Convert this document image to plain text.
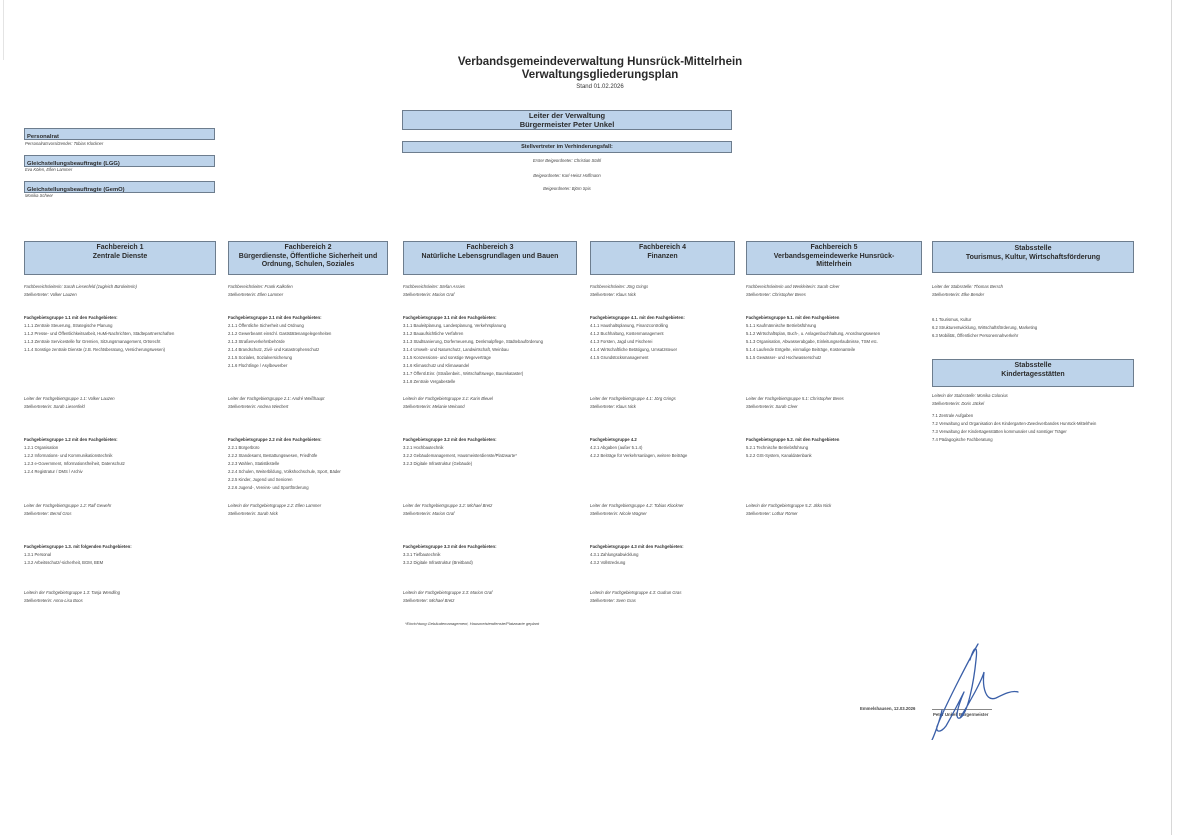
Verbandsgemeindeverwaltung Hunsrück-Mittelrhein
Verwaltungsgliederungsplan
Stand 01.02.2026
Leiter der Verwaltung
Bürgermeister Peter Unkel
Stellvertreter im Verhinderungsfall:
Erster Beigeordneter: Christian Stahl
Beigeordneter: Karl-Heinz Hoffmann
Beigeordneter: Björn Spis
Personalrat
Personalratsvorsitzender: Tobias Klockner
Gleichstellungsbeauftragte (LGG)
Eva Kölen, Ellen Lammer
Gleichstellungsbeauftragte (GemO)
Monika Scheer
Fachbereich 1
Zentrale Dienste
Fachbereichsleiterin: Sarah Liesenfeld (zugleich Büroleiterin)
Stellvertreter: Volker Lauzen
Fachgebietsgruppe 1.1 mit den Fachgebieten:
1.1.1 Zentrale Steuerung, Strategische Planung
1.1.2 Presse- und Öffentlichkeitsarbeit, HuMi-Nachrichten, Städtepartnerschaften
1.1.3 Zentrale Servicestelle für Gremien, Sitzungsmanagement, Ortsrecht
1.1.4 Sonstige zentrale Dienste (z.B. Rechtsberatung, Versicherungswesen)
Leiter der Fachgebietsgruppe 1.1: Volker Lauzen
Stellvertreterin: Sarah Liesenfeld
Fachgebietsgruppe 1.2 mit den Fachgebieten:
1.2.1 Organisation
1.2.2 Informations- und Kommunikationstechnik
1.2.3 e-Government, Informationsfreiheit, Datenschutz
1.2.4 Registratur / DMS / Archiv
Leiter der Fachgebietsgruppe 1.2: Ralf Gewehr
Stellvertreter: Bernd Gros
Fachgebietsgruppe 1.3. mit folgenden Fachgebieten:
1.3.1 Personal
1.3.2 Arbeitsschutz/-sicherheit, BGM, BEM
Leiterin der Fachgebietsgruppe 1.3: Tanja Wendling
Stellvertreterin: Anna-Lisa Boos
Fachbereich 2
Bürgerdienste, Öffentliche Sicherheit und
Ordnung, Schulen, Soziales
Fachbereichsleiter: Frank Kalkofen
Stellvertreterin: Ellen Lammer
Fachgebietsgruppe 2.1 mit den Fachgebieten:
2.1.1 Öffentliche Sicherheit und Ordnung
2.1.2 Gewerbeamt einschl. Gaststättenangelegenheiten
2.1.3 Straßenverkehrsbehörde
2.1.4 Brandschutz, Zivil- und Katastrophenschutz
2.1.5 Soziales, Sozialversicherung
2.1.6 Flüchtlinge / Asylbewerber
Leiter der Fachgebietsgruppe 2.1: André Weißhaupt
Stellvertreterin: Andrea Wiechert
Fachgebietsgruppe 2.2 mit den Fachgebieten:
2.2.1 Bürgerbüro
2.2.2 Standesamt, Bestattungswesen, Friedhöfe
2.2.3 Wahlen, Statistikstelle
2.2.4 Schulen, Weiterbildung, Volkshochschule, Sport, Bäder
2.2.5 Kinder, Jugend und Senioren
2.2.6 Jugend-, Vereins- und Sportförderung
Leiterin der Fachgebietsgruppe 2.2: Ellen Lammer
Stellvertreterin: Sarah Nick
Fachbereich 3
Natürliche Lebensgrundlagen und Bauen
Fachbereichsleiter: Stefan Assies
Stellvertreterin: Marion Graf
Fachgebietsgruppe 3.1 mit den Fachgebieten:
3.1.1 Bauleitplanung, Landesplanung, Verkehrsplanung
3.1.2 Bauaufsichtliche Verfahren
3.1.3 Stadtsanierung, Dorferneuerung, Denkmalpflege, Städtebauförderung
3.1.4 Umwelt- und Naturschutz, Landwirtschaft, Weinbau
3.1.5 Konzessions- und sonstige Wegeverträge
3.1.6 Klimaschutz und Klimawandel
3.1.7 Öffentl.Einr. (Straßenbeit., Wirtschaftswege, Baumkataster)
3.1.8 Zentrale Vergabestelle
Leiterin der Fachgebietsgruppe 3.1: Karin Bleuel
Stellvertreterin: Melanie Weinand
Fachgebietsgruppe 3.2 mit den Fachgebieten:
3.2.1 Hochbautechnik
3.2.2 Gebäudemanagement, Hausmeisterdienste/Platzwarte*
3.2.3 Digitale Infrastruktur (Gebäude)
Leiter der Fachgebietsgruppe 3.2: Michael Bretz
Stellvertreterin: Marion Graf
Fachgebietsgruppe 3.3 mit den Fachgebieten:
3.3.1 Tiefbautechnik
3.3.2 Digitale Infrastruktur (Breitband)
Leiterin der Fachgebietsgruppe 3.3: Marion Graf
Stellvertreter: Michael Bretz
*Einrichtung Gebäudemanagement, Hausmeisterdienste/Platzwarte geplant
Fachbereich 4
Finanzen
Fachbereichsleiter: Jörg Grings
Stellvertreter: Klaus Nick
Fachgebietsgruppe 4.1. mit den Fachgebieten:
4.1.1 Haushaltsplanung, Finanzcontrolling
4.1.2 Buchhaltung, Kostenmanagement
4.1.3 Forsten, Jagd und Fischerei
4.1.4 Wirtschaftliche Betätigung, Umsatzsteuer
4.1.5 Grundstücksmanagement
Leiter der Fachgebietsgruppe 4.1: Jörg Grings
Stellvertreter: Klaus Nick
Fachgebietsgruppe 4.2
4.2.1 Abgaben (außer 5.1.4)
4.2.2 Beiträge für Verkehrsanlagen, weitere Beiträge
Leiter der Fachgebietsgruppe 4.2: Tobias Klockner
Stellvertreterin: Nicole Wagner
Fachgebietsgruppe 4.3 mit den Fachgebieten:
4.3.1 Zahlungsabwicklung
4.3.2 Vollstreckung
Leiterin der Fachgebietsgruppe 4.3: Gudrun Gras
Stellvertreter: Sven Gras
Fachbereich 5
Verbandsgemeindewerke Hunsrück-
Mittelrhein
Fachbereichsleiterin und Werkleiterin: Sarah Cleer
Stellvertreter: Christopher Beres
Fachgebietsgruppe 5.1. mit den Fachgebieten
5.1.1 Kaufmännische Betriebsführung
5.1.2 Wirtschaftsplan, Buch-, u. Anlagenbuchhaltung, Anordnungswesen
5.1.3 Organisation, Abwasserabgabe, Einleitungserlaubnisse, TSM etc.
5.1.4 Laufende Entgelte, einmalige Beiträge, Kostenanteile
5.1.5 Gewässer- und Hochwasserschutz
Leiter der Fachgebietsgruppe 5.1: Christopher Beres
Stellvertreterin: Sarah Cleer
Fachgebietsgruppe 5.2. mit den Fachgebieten
5.2.1 Technische Betriebsführung
5.2.2 GIS-System, Kanaldatenbank
Leiterin der Fachgebietsgruppe 5.2: Jitka Nick
Stellvertreter: Lothar Römer
Stabsstelle
Tourismus, Kultur, Wirtschaftsförderung
Leiter der Stabsstelle: Thomas Bersch
Stellvertreterin: Elke Bender
6.1 Tourismus, Kultur
6.2 Strukturentwicklung, Wirtschaftsförderung, Marketing
6.3 Mobilität, Öffentlicher Personennahverkehr
Stabsstelle
Kindertagesstätten
Leiterin der Stabsstelle: Monika Colonius
Stellvertreterin: Doris Jäckel
7.1 Zentrale Aufgaben
7.2 Verwaltung und Organisation des Kindergarten-Zweckverbandes Hunrück-Mittelrhein
7.3 Verwaltung der Kindertagesstätten kommunaler und sonstiger Träger
7.4 Pädagogische Fachberatung
Emmelshausen, 12.03.2026
Peter Unkel, Bürgermeister
